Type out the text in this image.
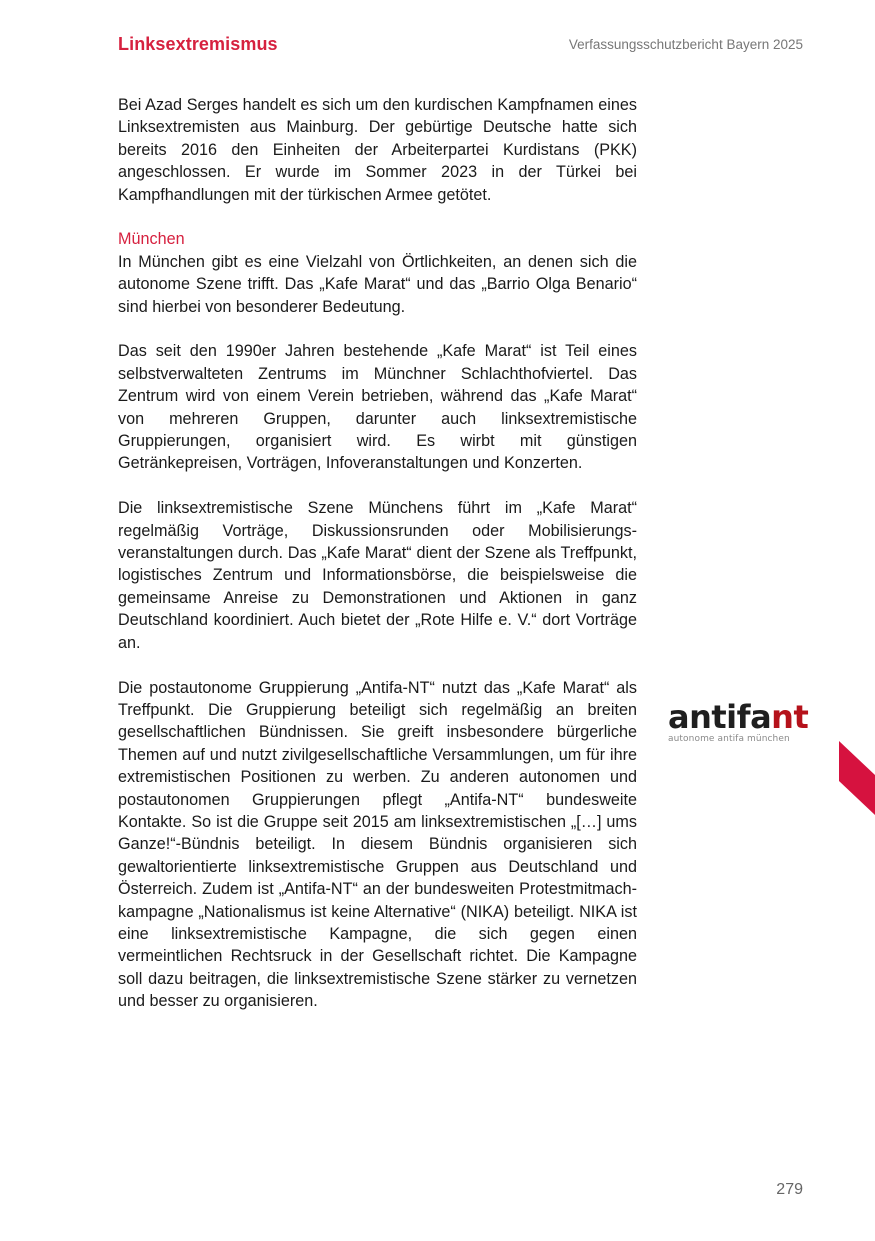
Linksextremismus	Verfassungsschutzbericht Bayern 2025

Bei Azad Serges handelt es sich um den kurdischen Kampfnamen eines Linksextremisten aus Mainburg. Der gebürtige Deutsche hatte sich bereits 2016 den Einheiten der Arbeiterpartei Kurdistans (PKK) angeschlossen. Er wurde im Sommer 2023 in der Türkei bei Kampfhandlungen mit der türkischen Armee getötet.

München

In München gibt es eine Vielzahl von Örtlichkeiten, an denen sich die autonome Szene trifft. Das „Kafe Marat“ und das „Barrio Olga Benario“ sind hierbei von besonderer Bedeutung.

Das seit den 1990er Jahren bestehende „Kafe Marat“ ist Teil eines selbstverwalteten Zentrums im Münchner Schlachthofviertel. Das Zentrum wird von einem Verein betrieben, während das „Kafe Marat“ von mehreren Gruppen, darunter auch linksextremistische Gruppierungen, organisiert wird. Es wirbt mit günstigen Getränkepreisen, Vorträgen, Infoveranstaltungen und Konzerten.

Die linksextremistische Szene Münchens führt im „Kafe Marat“ regelmäßig Vorträge, Diskussionsrunden oder Mobilisierungsveranstaltungen durch. Das „Kafe Marat“ dient der Szene als Treffpunkt, logistisches Zentrum und Informationsbörse, die beispielsweise die gemeinsame Anreise zu Demonstrationen und Aktionen in ganz Deutschland koordiniert. Auch bietet der „Rote Hilfe e. V.“ dort Vorträge an.

Die postautonome Gruppierung „Antifa-NT“ nutzt das „Kafe Marat“ als Treffpunkt. Die Gruppierung beteiligt sich regelmäßig an breiten gesellschaftlichen Bündnissen. Sie greift insbesondere bürgerliche Themen auf und nutzt zivilgesellschaftliche Versammlungen, um für ihre extremistischen Positionen zu werben. Zu anderen autonomen und postautonomen Gruppierungen pflegt „Antifa-NT“ bundesweite Kontakte. So ist die Gruppe seit 2015 am linksextremistischen „[…] ums Ganze!“-Bündnis beteiligt. In diesem Bündnis organisieren sich gewaltorientierte linksextremistische Gruppen aus Deutschland und Österreich. Zudem ist „Antifa-NT“ an der bundesweiten Protestmitmachkampagne „Nationalismus ist keine Alternative“ (NIKA) beteiligt. NIKA ist eine linksextremistische Kampagne, die sich gegen einen vermeintlichen Rechtsruck in der Gesellschaft richtet. Die Kampagne soll dazu beitragen, die linksextremistische Szene stärker zu vernetzen und besser zu organisieren.

antifant
autonome antifa münchen
279
